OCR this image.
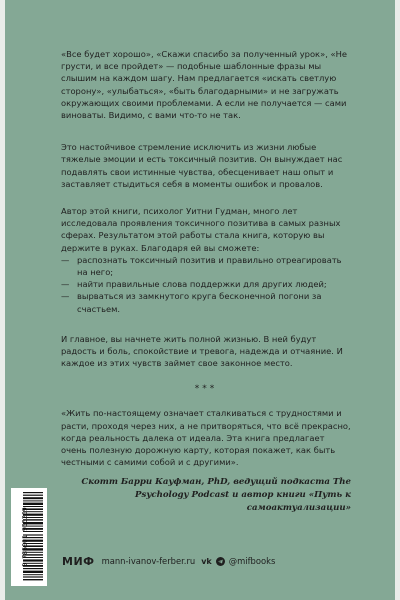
«Все будет хорошо», «Скажи спасибо за полученный урок», «Не грусти, и все пройдет» — подобные шаблонные фразы мы слышим на каждом шагу. Нам предлагается «искать светлую сторону», «улыбаться», «быть благодарными» и не загружать окружающих своими проблемами. А если не получается — сами виноваты. Видимо, с вами что-то не так.

Это настойчивое стремление исключить из жизни любые тяжелые эмоции и есть токсичный позитив. Он вынуждает нас подавлять свои истинные чувства, обесценивает наш опыт и заставляет стыдиться себя в моменты ошибок и провалов.

Автор этой книги, психолог Уитни Гудман, много лет исследовала проявления токсичного позитива в самых разных сферах. Результатом этой работы стала книга, которую вы держите в руках. Благодаря ей вы сможете:

— распознать токсичный позитив и правильно отреагировать на него;
— найти правильные слова поддержки для других людей;
— вырваться из замкнутого круга бесконечной погони за счастьем.

И главное, вы начнете жить полной жизнью. В ней будут радость и боль, спокойствие и тревога, надежда и отчаяние. И каждое из этих чувств займет свое законное место.

***

«Жить по-настоящему означает сталкиваться с трудностями и расти, проходя через них, а не притворяться, что всё прекрасно, когда реальность далека от идеала. Эта книга предлагает очень полезную дорожную карту, которая покажет, как быть честными с самими собой и с другими».

Скотт Барри Кауфман, PhD, ведущий подкаста The Psychology Podcast и автор книги «Путь к самоактуализации»

9 785001 955269	МИФ mann-ivanov-ferber.ru vk @mifbooks
